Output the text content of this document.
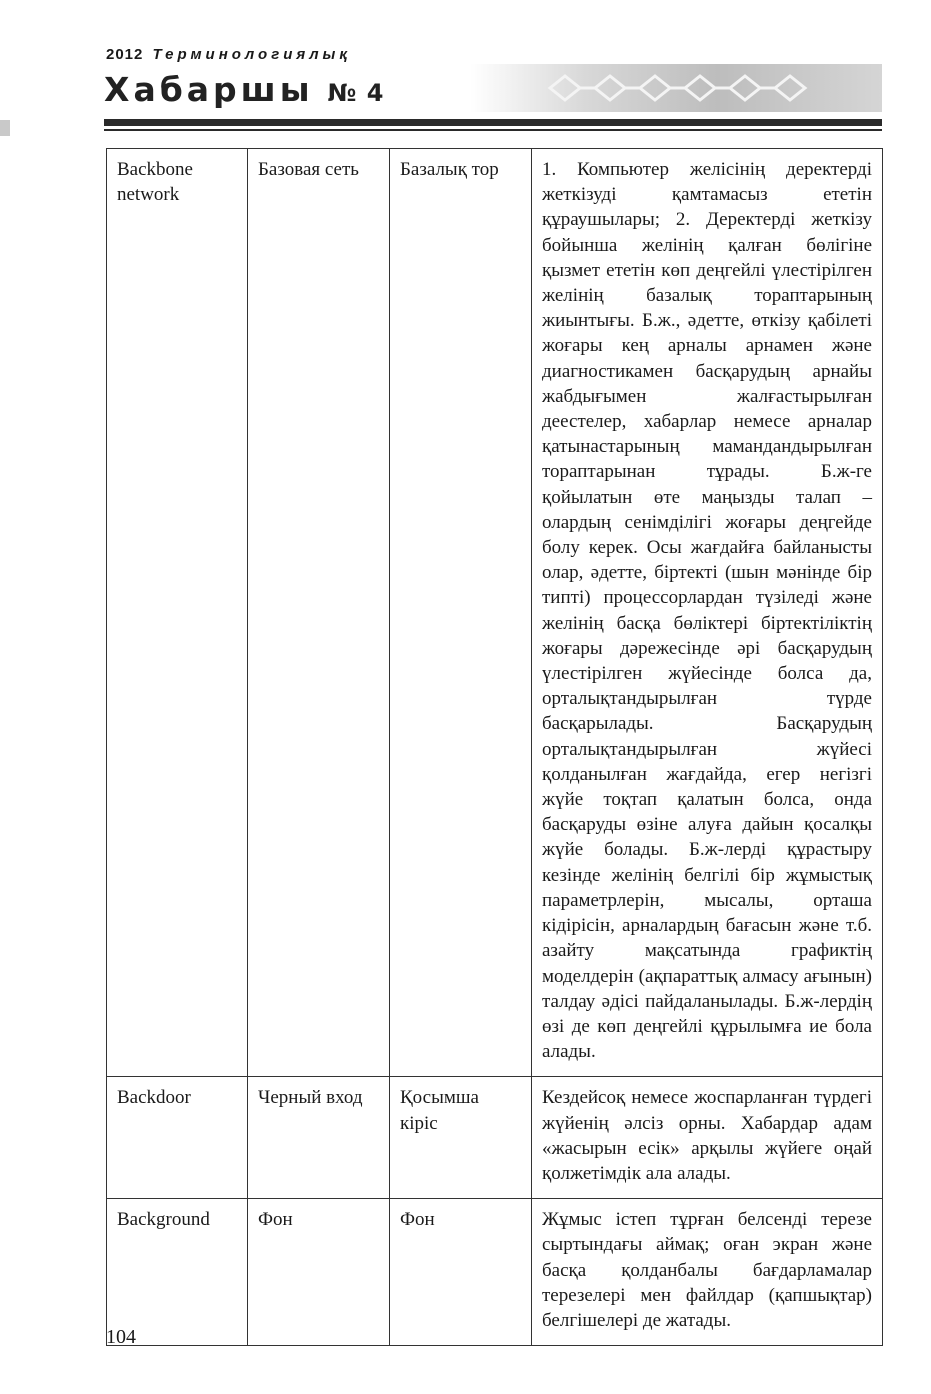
2012 Терминологиялық
Хабаршы № 4
Backbone network	Базовая сеть	Базалық тор	1. Компьютер желісінің деректерді жеткізуді қамтамасыз ететін құраушылары; 2. Деректерді жеткізу бойынша желінің қалған бөлігіне қызмет ететін көп деңгейлі үлестірілген желінің базалық тораптарының жиынтығы. Б.ж., әдетте, өткізу қабілеті жоғары кең арналы арнамен және диагностикамен басқарудың арнайы жабдығымен жалғастырылған деестелер, хабарлар немесе арналар қатынастарының мамандандырылған тораптарынан тұрады. Б.ж-ге қойылатын өте маңызды талап – олардың сенімділігі жоғары деңгейде болу керек. Осы жағдайға байланысты олар, әдетте, біртекті (шын мәнінде бір типті) процессорлардан түзіледі және желінің басқа бөліктері біртектіліктің жоғары дәрежесінде әрі басқарудың үлестірілген жүйесінде болса да, орталықтандырылған түрде басқарылады. Басқарудың орталықтандырылған жүйесі қолданылған жағдайда, егер негізгі жүйе тоқтап қалатын болса, онда басқаруды өзіне алуға дайын қосалқы жүйе болады. Б.ж-лерді құрастыру кезінде желінің белгілі бір жұмыстық параметрлерін, мысалы, орташа кідірісін, арналардың бағасын және т.б. азайту мақсатында графиктің моделдерін (ақпараттық алмасу ағынын) талдау әдісі пайдаланылады. Б.ж-лердің өзі де көп деңгейлі құрылымға ие бола алады.
Backdoor	Черный вход	Қосымша кіріс	Кездейсоқ немесе жоспарланған түрдегі жүйенің әлсіз орны. Хабардар адам «жасырын есік» арқылы жүйеге оңай қолжетімдік ала алады.
Background	Фон	Фон	Жұмыс істеп тұрған белсенді терезе сыртындағы аймақ; оған экран және басқа қолданбалы бағдарламалар терезелері мен файлдар (қапшықтар) белгішелері де жатады.
104
